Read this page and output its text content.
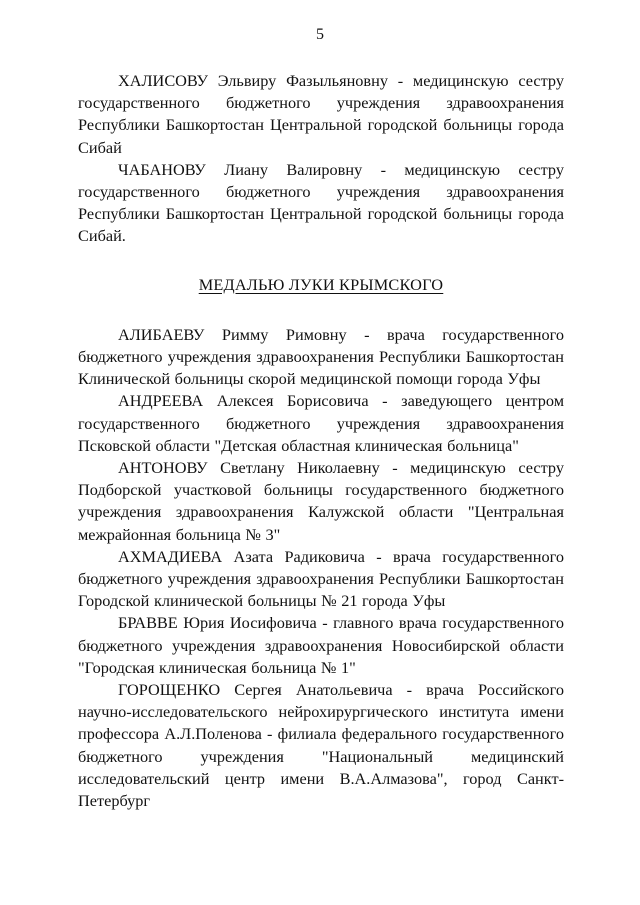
5

ХАЛИСОВУ Эльвиру Фазыльяновну - медицинскую сестру государственного бюджетного учреждения здравоохранения Республики Башкортостан Центральной городской больницы города Сибай

ЧАБАНОВУ Лиану Валировну - медицинскую сестру государственного бюджетного учреждения здравоохранения Республики Башкортостан Центральной городской больницы города Сибай.

МЕДАЛЬЮ ЛУКИ КРЫМСКОГО

АЛИБАЕВУ Римму Римовну - врача государственного бюджетного учреждения здравоохранения Республики Башкортостан Клинической больницы скорой медицинской помощи города Уфы

АНДРЕЕВА Алексея Борисовича - заведующего центром государственного бюджетного учреждения здравоохранения Псковской области "Детская областная клиническая больница"

АНТОНОВУ Светлану Николаевну - медицинскую сестру Подборской участковой больницы государственного бюджетного учреждения здравоохранения Калужской области "Центральная межрайонная больница № 3"

АХМАДИЕВА Азата Радиковича - врача государственного бюджетного учреждения здравоохранения Республики Башкортостан Городской клинической больницы № 21 города Уфы

БРАВВЕ Юрия Иосифовича - главного врача государственного бюджетного учреждения здравоохранения Новосибирской области "Городская клиническая больница № 1"

ГОРОЩЕНКО Сергея Анатольевича - врача Российского научно-исследовательского нейрохирургического института имени профессора А.Л.Поленова - филиала федерального государственного бюджетного учреждения "Национальный медицинский исследовательский центр имени В.А.Алмазова", город Санкт-Петербург
